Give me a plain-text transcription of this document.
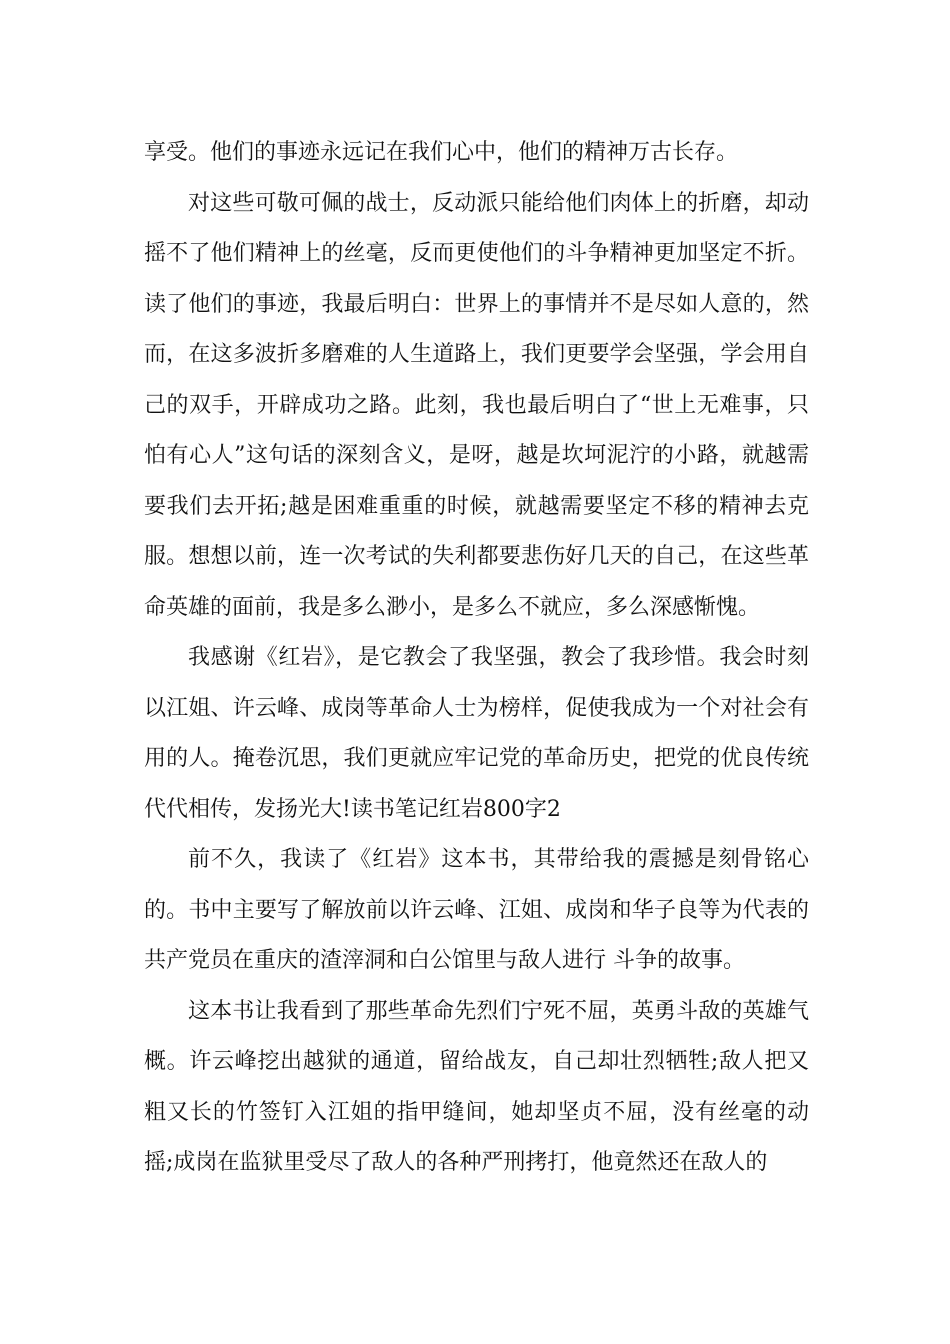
享受。他们的事迹永远记在我们心中，他们的精神万古长存。

对这些可敬可佩的战士，反动派只能给他们肉体上的折磨，却动摇不了他们精神上的丝毫，反而更使他们的斗争精神更加坚定不折。读了他们的事迹，我最后明白：世界上的事情并不是尽如人意的，然而，在这多波折多磨难的人生道路上，我们更要学会坚强，学会用自己的双手，开辟成功之路。此刻，我也最后明白了“世上无难事，只怕有心人”这句话的深刻含义，是呀，越是坎坷泥泞的小路，就越需要我们去开拓;越是困难重重的时候，就越需要坚定不移的精神去克服。想想以前，连一次考试的失利都要悲伤好几天的自己，在这些革命英雄的面前，我是多么渺小，是多么不就应，多么深感惭愧。

我感谢《红岩》，是它教会了我坚强，教会了我珍惜。我会时刻以江姐、许云峰、成岗等革命人士为榜样，促使我成为一个对社会有用的人。掩卷沉思，我们更就应牢记党的革命历史，把党的优良传统代代相传，发扬光大!读书笔记红岩800字2

前不久，我读了《红岩》这本书，其带给我的震撼是刻骨铭心的。书中主要写了解放前以许云峰、江姐、成岗和华子良等为代表的共产党员在重庆的渣滓洞和白公馆里与敌人进行 斗争的故事。

这本书让我看到了那些革命先烈们宁死不屈，英勇斗敌的英雄气概。许云峰挖出越狱的通道，留给战友，自己却壮烈牺牲;敌人把又粗又长的竹签钉入江姐的指甲缝间，她却坚贞不屈，没有丝毫的动摇;成岗在监狱里受尽了敌人的各种严刑拷打，他竟然还在敌人的
